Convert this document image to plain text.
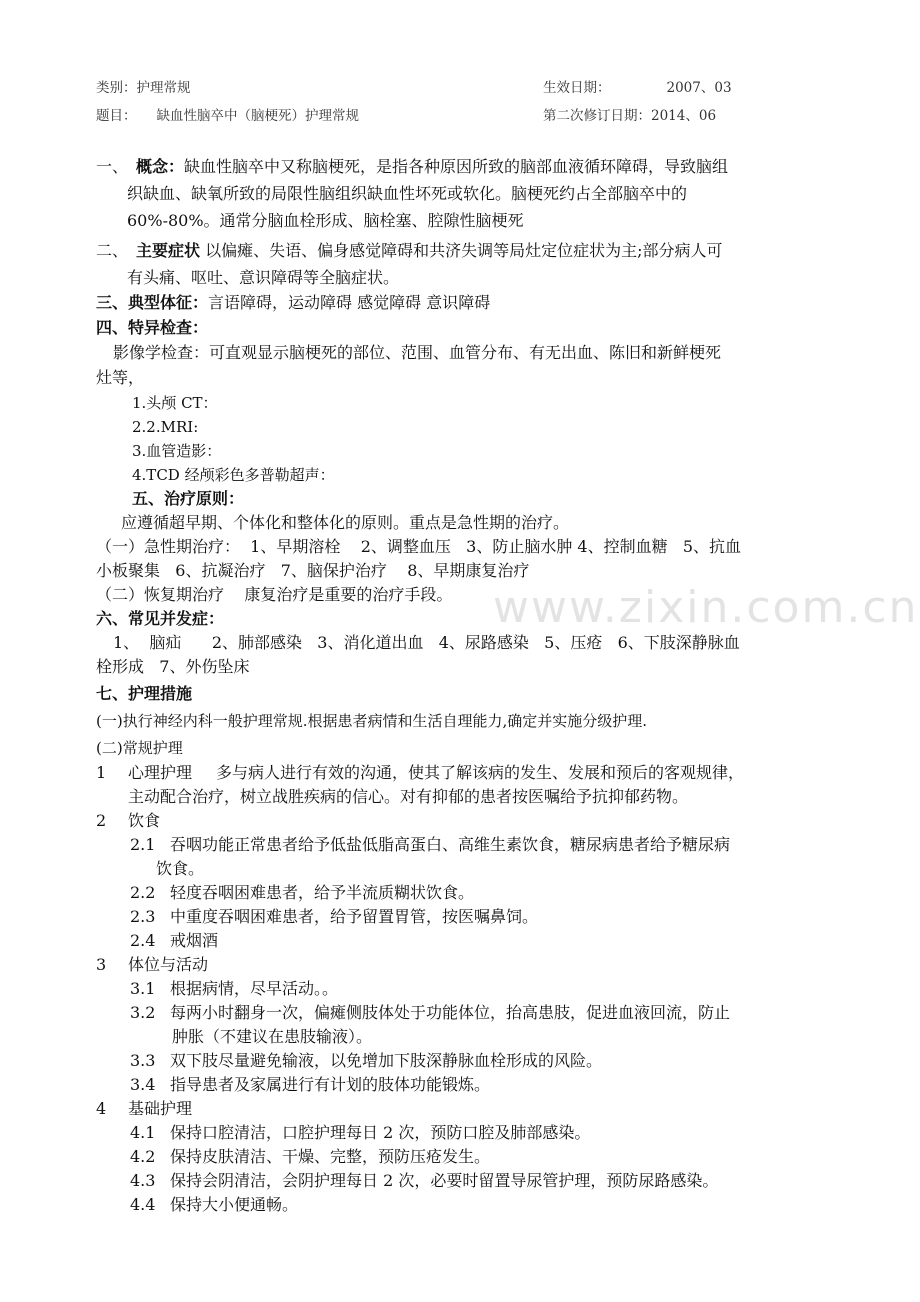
类别：护理常规	生效日期：	2007、03
题目： 缺血性脑卒中（脑梗死）护理常规	第二次修订日期：2014、06
一、 概念：缺血性脑卒中又称脑梗死，是指各种原因所致的脑部血液循环障碍，导致脑组
织缺血、缺氧所致的局限性脑组织缺血性坏死或软化。脑梗死约占全部脑卒中的
60%-80%。通常分脑血栓形成、脑栓塞、腔隙性脑梗死
二、 主要症状 以偏瘫、失语、偏身感觉障碍和共济失调等局灶定位症状为主;部分病人可
有头痛、呕吐、意识障碍等全脑症状。
三、典型体征：言语障碍，运动障碍 感觉障碍 意识障碍
四、特异检查：
影像学检查：可直观显示脑梗死的部位、范围、血管分布、有无出血、陈旧和新鲜梗死
灶等，
1.头颅 CT：
2.2.MRI:
3.血管造影：
4.TCD 经颅彩色多普勒超声：
五、治疗原则：
应遵循超早期、个体化和整体化的原则。重点是急性期的治疗。
（一）急性期治疗：  1、早期溶栓    2、调整血压   3、防止脑水肿 4、控制血糖   5、抗血
小板聚集   6、抗凝治疗   7、脑保护治疗    8、早期康复治疗
（二）恢复期治疗    康复治疗是重要的治疗手段。
六、常见并发症：
1、  脑疝      2、肺部感染   3、消化道出血   4、尿路感染   5、压疮   6、下肢深静脉血
栓形成   7、外伤坠床
七、护理措施
(一)执行神经内科一般护理常规.根据患者病情和生活自理能力,确定并实施分级护理.
(二)常规护理
1 心理护理 多与病人进行有效的沟通，使其了解该病的发生、发展和预后的客观规律，
主动配合治疗，树立战胜疾病的信心。对有抑郁的患者按医嘱给予抗抑郁药物。
2 饮食
2.1 吞咽功能正常患者给予低盐低脂高蛋白、高维生素饮食，糖尿病患者给予糖尿病
饮食。
2.2 轻度吞咽困难患者，给予半流质糊状饮食。
2.3 中重度吞咽困难患者，给予留置胃管，按医嘱鼻饲。
2.4 戒烟酒
3 体位与活动
3.1 根据病情，尽早活动。。
3.2 每两小时翻身一次，偏瘫侧肢体处于功能体位，抬高患肢，促进血液回流，防止
肿胀（不建议在患肢输液）。
3.3 双下肢尽量避免输液，以免增加下肢深静脉血栓形成的风险。
3.4 指导患者及家属进行有计划的肢体功能锻炼。
4 基础护理
4.1 保持口腔清洁，口腔护理每日 2 次，预防口腔及肺部感染。
4.2 保持皮肤清洁、干燥、完整，预防压疮发生。
4.3 保持会阴清洁，会阴护理每日 2 次，必要时留置导尿管护理，预防尿路感染。
4.4 保持大小便通畅。
www.zixin.com.cn
